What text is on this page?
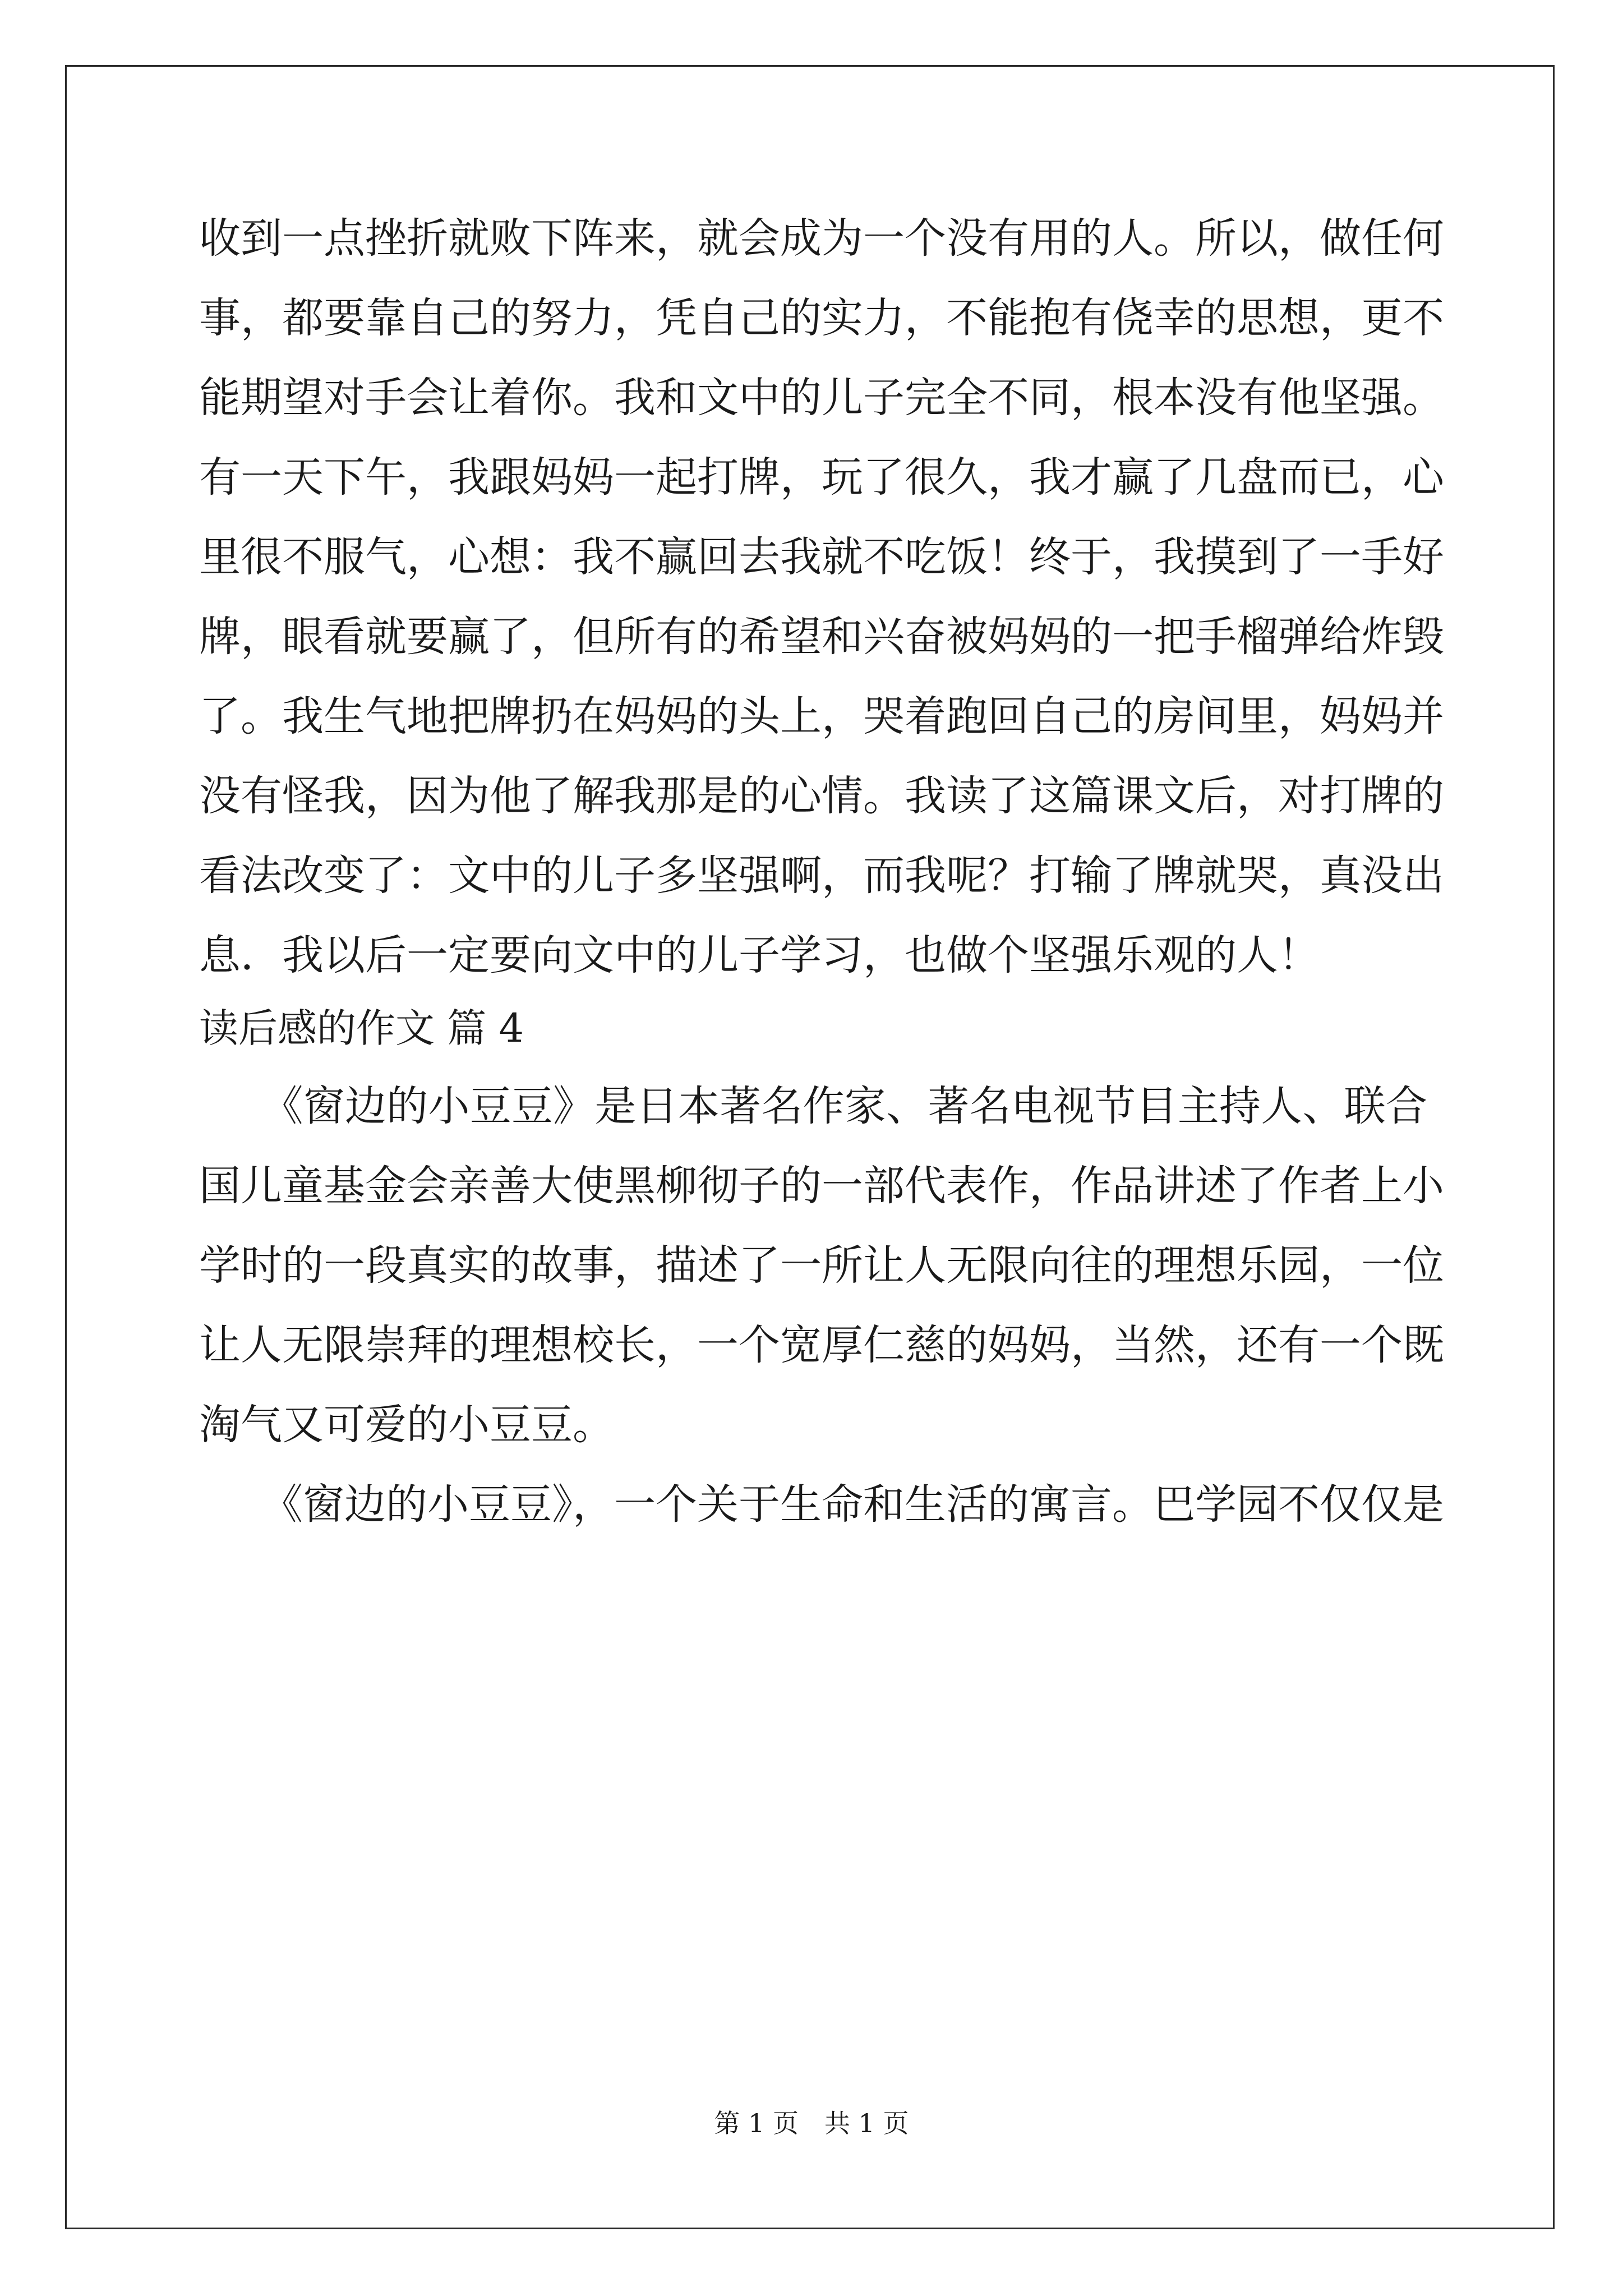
收到一点挫折就败下阵来，就会成为一个没有用的人。所以，做任何
事，都要靠自己的努力，凭自己的实力，不能抱有侥幸的思想，更不
能期望对手会让着你。我和文中的儿子完全不同，根本没有他坚强。
有一天下午，我跟妈妈一起打牌，玩了很久，我才赢了几盘而已，心
里很不服气，心想：我不赢回去我就不吃饭！终于，我摸到了一手好
牌，眼看就要赢了，但所有的希望和兴奋被妈妈的一把手榴弹给炸毁
了。我生气地把牌扔在妈妈的头上，哭着跑回自己的房间里，妈妈并
没有怪我，因为他了解我那是的心情。我读了这篇课文后，对打牌的
看法改变了：文中的儿子多坚强啊，而我呢？打输了牌就哭，真没出
息．我以后一定要向文中的儿子学习，也做个坚强乐观的人！
读后感的作文 篇 4
　　《窗边的小豆豆》是日本著名作家、著名电视节目主持人、联合
国儿童基金会亲善大使黑柳彻子的一部代表作，作品讲述了作者上小
学时的一段真实的故事，描述了一所让人无限向往的理想乐园，一位
让人无限崇拜的理想校长，一个宽厚仁慈的妈妈，当然，还有一个既
淘气又可爱的小豆豆。
　　《窗边的小豆豆》，一个关于生命和生活的寓言。巴学园不仅仅是
第 1 页　共 1 页
